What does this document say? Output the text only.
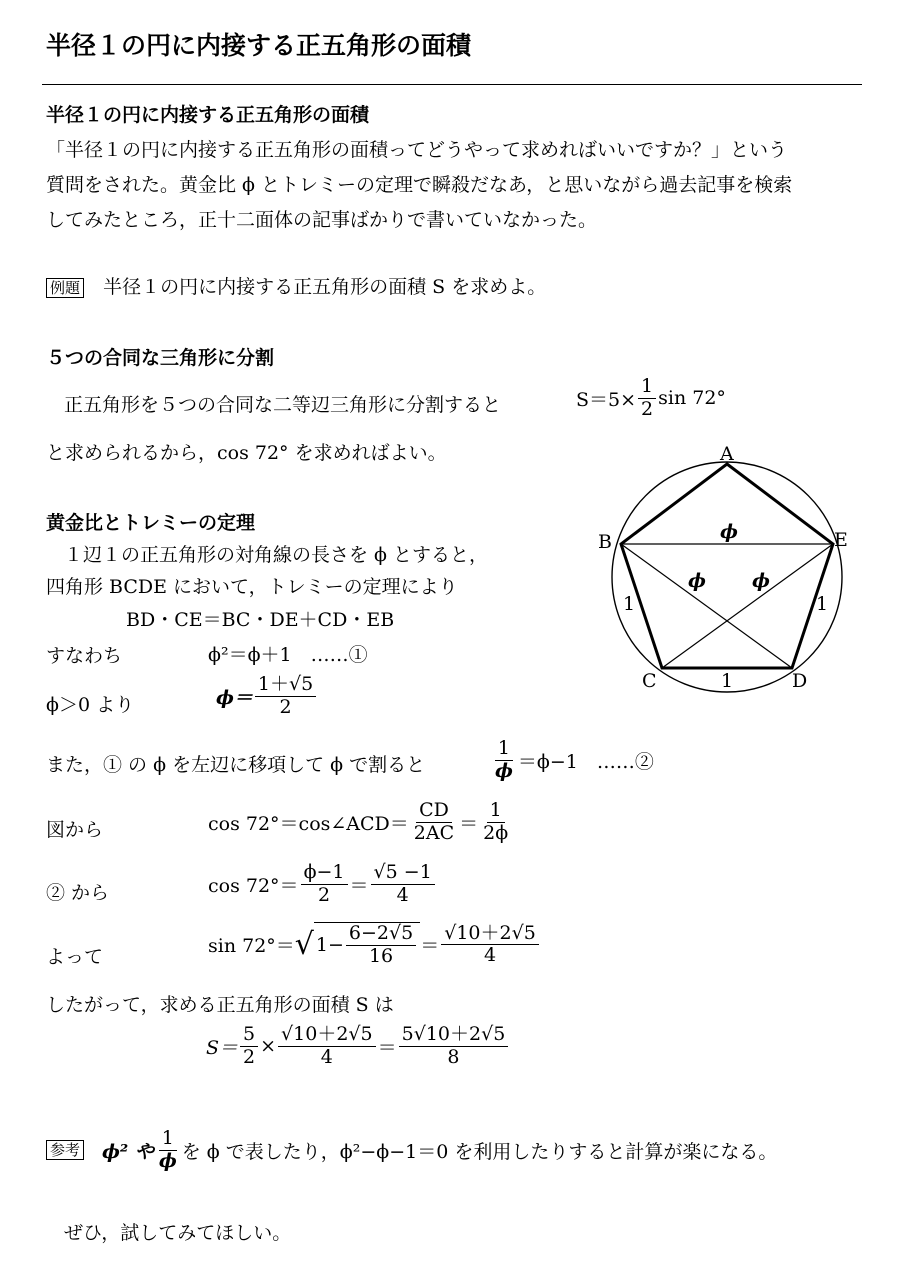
半径１の円に内接する正五角形の面積
半径１の円に内接する正五角形の面積
「半径１の円に内接する正五角形の面積ってどうやって求めればいいですか？」という
質問をされた。黄金比 ϕ とトレミーの定理で瞬殺だなあ，と思いながら過去記事を検索
してみたところ，正十二面体の記事ばかりで書いていなかった。
例題 半径１の円に内接する正五角形の面積 S を求めよ。
５つの合同な三角形に分割
正五角形を５つの合同な二等辺三角形に分割すると	$S=5\times \frac{1}{2}$ sin 72°
と求められるから，cos 72° を求めればよい。
黄金比とトレミーの定理
１辺１の正五角形の対角線の長さを ϕ とすると，
四角形 BCDE において，トレミーの定理により
BD・CE＝BC・DE＋CD・EB
すなわち	ϕ²＝ϕ＋1　……①
ϕ＞0 より	$\phi= \frac{1+√5}{2}$
また，① の ϕ を左辺に移項して ϕ で割ると	$\frac{1}{\phi} =\phi-1$　……②
図から	cos 72°＝cos∠ACD＝ $\frac{CD}{2AC} = \frac{1}{2\phi}$
② から	$\cos 72^\circ= \frac{\phi-1}{2} = \frac{√5 -1}{4}$
よって	sin 72°＝ √ $1- \frac{6-2√5}{16} = \frac{√10+2√5}{4}$
したがって，求める正五角形の面積 S は
$S= \frac{5}{2} \times \frac{√10+2√5}{4} = \frac{5√10+2√5}{8}$
参考 ϕ² や $\frac{1}{\phi}$ を ϕ で表したり，ϕ²−ϕ−1＝0 を利用したりすると計算が楽になる。
ぜひ，試してみてほしい。
A
B
C	D
E
ϕ
ϕ ϕ
1	1
1
